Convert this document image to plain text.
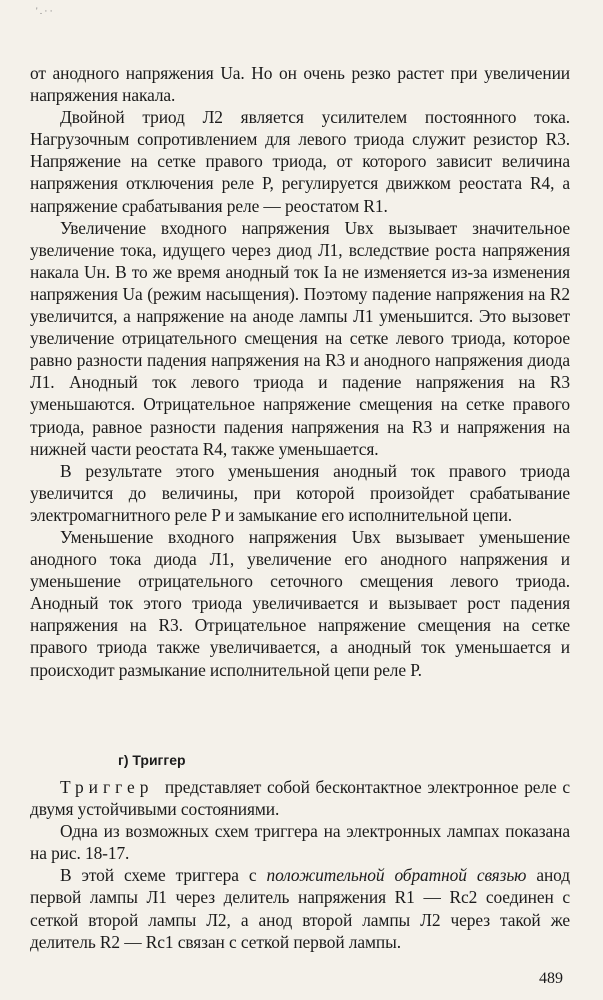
' . · ·

от анодного напряжения Uа. Но он очень резко растет при увеличении напряжения накала.

Двойной триод Л2 является усилителем постоянного тока. Нагрузочным сопротивлением для левого триода служит резистор R3. Напряжение на сетке правого триода, от которого зависит величина напряжения отключения реле Р, регулируется движком реостата R4, а напряжение срабатывания реле — реостатом R1.

Увеличение входного напряжения Uвх вызывает значительное увеличение тока, идущего через диод Л1, вследствие роста напряжения накала Uн. В то же время анодный ток Iа не изменяется из-за изменения напряжения Uа (режим насыщения). Поэтому падение напряжения на R2 увеличится, а напряжение на аноде лампы Л1 уменьшится. Это вызовет увеличение отрицательного смещения на сетке левого триода, которое равно разности падения напряжения на R3 и анодного напряжения диода Л1. Анодный ток левого триода и падение напряжения на R3 уменьшаются. Отрицательное напряжение смещения на сетке правого триода, равное разности падения напряжения на R3 и напряжения на нижней части реостата R4, также уменьшается.

В результате этого уменьшения анодный ток правого триода увеличится до величины, при которой произойдет срабатывание электромагнитного реле Р и замыкание его исполнительной цепи.

Уменьшение входного напряжения Uвх вызывает уменьшение анодного тока диода Л1, увеличение его анодного напряжения и уменьшение отрицательного сеточного смещения левого триода. Анодный ток этого триода увеличивается и вызывает рост падения напряжения на R3. Отрицательное напряжение смещения на сетке правого триода также увеличивается, а анодный ток уменьшается и происходит размыкание исполнительной цепи реле Р.

г) Триггер

Триггер представляет собой бесконтактное электронное реле с двумя устойчивыми состояниями.

Одна из возможных схем триггера на электронных лампах показана на рис. 18-17.

В этой схеме триггера с положительной обратной связью анод первой лампы Л1 через делитель напряжения R1 — Rс2 соединен с сеткой второй лампы Л2, а анод второй лампы Л2 через такой же делитель R2 — Rс1 связан с сеткой первой лампы.

489
